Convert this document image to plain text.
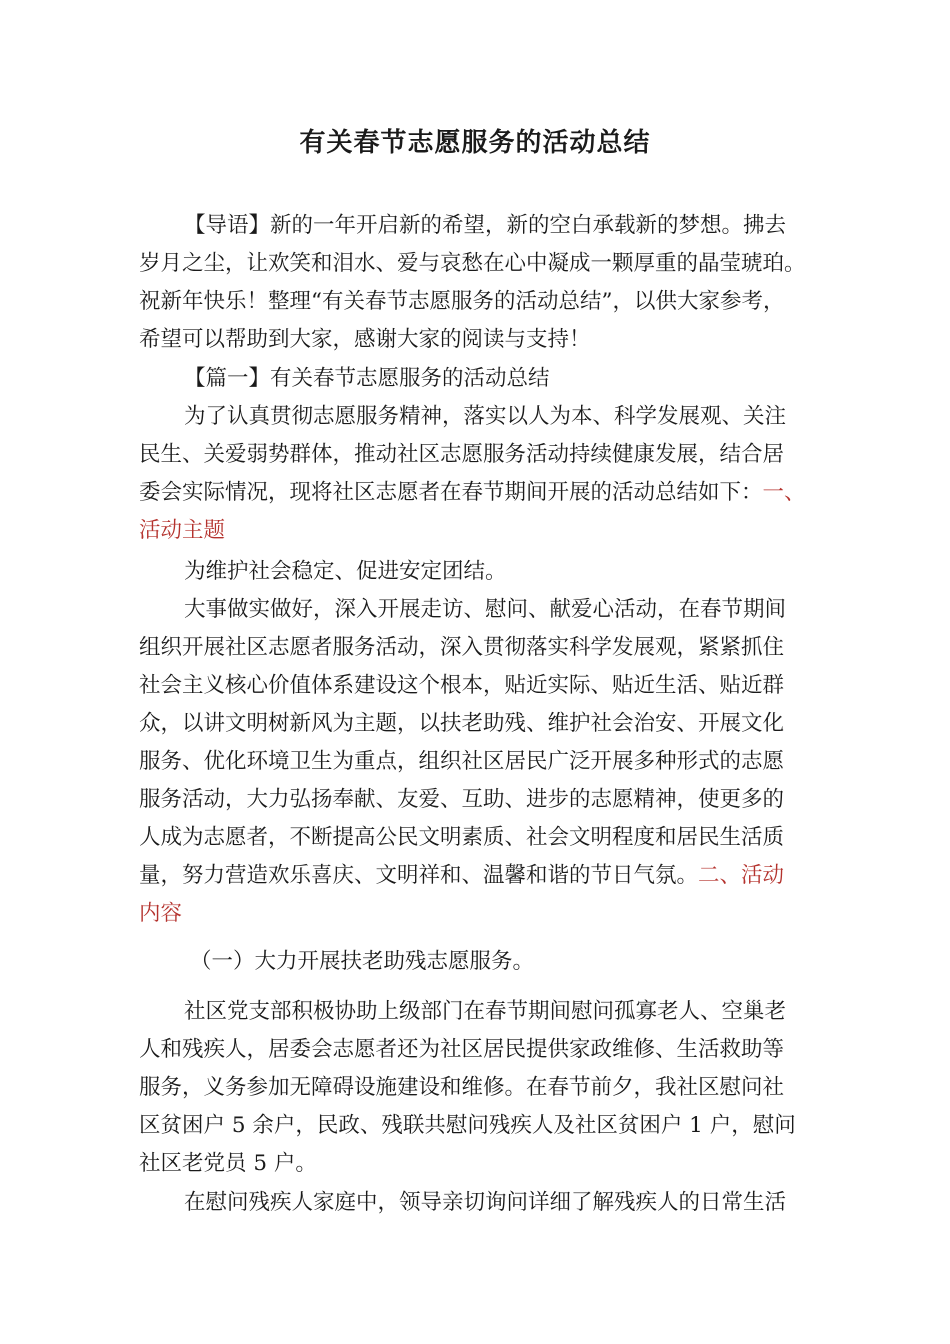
有关春节志愿服务的活动总结
【导语】新的一年开启新的希望，新的空白承载新的梦想。拂去
岁月之尘，让欢笑和泪水、爱与哀愁在心中凝成一颗厚重的晶莹琥珀。
祝新年快乐！整理“有关春节志愿服务的活动总结”，以供大家参考，
希望可以帮助到大家，感谢大家的阅读与支持！
【篇一】有关春节志愿服务的活动总结
为了认真贯彻志愿服务精神，落实以人为本、科学发展观、关注
民生、关爱弱势群体，推动社区志愿服务活动持续健康发展，结合居
委会实际情况，现将社区志愿者在春节期间开展的活动总结如下：一、
活动主题
为维护社会稳定、促进安定团结。
大事做实做好，深入开展走访、慰问、献爱心活动，在春节期间
组织开展社区志愿者服务活动，深入贯彻落实科学发展观，紧紧抓住
社会主义核心价值体系建设这个根本，贴近实际、贴近生活、贴近群
众，以讲文明树新风为主题，以扶老助残、维护社会治安、开展文化
服务、优化环境卫生为重点，组织社区居民广泛开展多种形式的志愿
服务活动，大力弘扬奉献、友爱、互助、进步的志愿精神，使更多的
人成为志愿者，不断提高公民文明素质、社会文明程度和居民生活质
量，努力营造欢乐喜庆、文明祥和、温馨和谐的节日气氛。二、活动
内容
（一）大力开展扶老助残志愿服务。
社区党支部积极协助上级部门在春节期间慰问孤寡老人、空巢老
人和残疾人，居委会志愿者还为社区居民提供家政维修、生活救助等
服务，义务参加无障碍设施建设和维修。在春节前夕，我社区慰问社
区贫困户 5 余户，民政、残联共慰问残疾人及社区贫困户 1 户，慰问
社区老党员 5 户。
在慰问残疾人家庭中，领导亲切询问详细了解残疾人的日常生活
